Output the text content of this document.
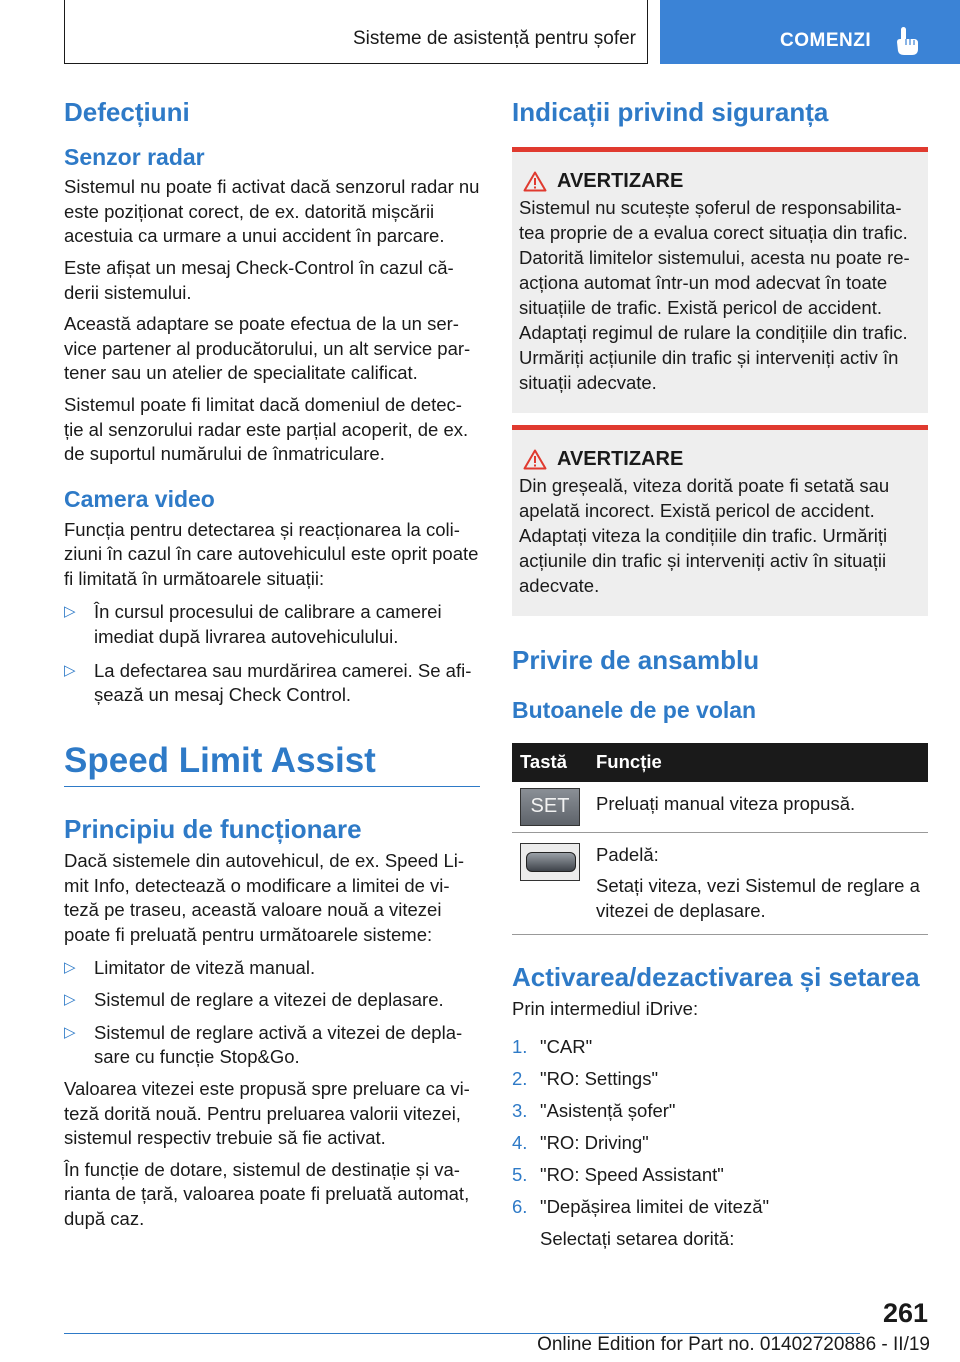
Sisteme de asistență pentru șofer	COMENZI
Defecțiuni
Senzor radar

Sistemul nu poate fi activat dacă senzorul radar nu este poziționat corect, de ex. datorită mișcării acestuia ca urmare a unui accident în parcare.

Este afișat un mesaj Check-Control în cazul că-derii sistemului.

Această adaptare se poate efectua de la un ser-vice partener al producătorului, un alt service par-tener sau un atelier de specialitate calificat.

Sistemul poate fi limitat dacă domeniul de detec-ție al senzorului radar este parțial acoperit, de ex. de suportul numărului de înmatriculare.

Camera video

Funcția pentru detectarea și reacționarea la coli-ziuni în cazul în care autovehiculul este oprit poate fi limitată în următoarele situații:

▷ În cursul procesului de calibrare a camerei imediat după livrarea autovehiculului.
▷ La defectarea sau murdărirea camerei. Se afi-șează un mesaj Check Control.
Speed Limit Assist
Principiu de funcționare

Dacă sistemele din autovehicul, de ex. Speed Li-mit Info, detectează o modificare a limitei de vi-teză pe traseu, această valoare nouă a vitezei poate fi preluată pentru următoarele sisteme:

▷ Limitator de viteză manual.
▷ Sistemul de reglare a vitezei de deplasare.
▷ Sistemul de reglare activă a vitezei de depla-sare cu funcție Stop&Go.

Valoarea vitezei este propusă spre preluare ca vi-teză dorită nouă. Pentru preluarea valorii vitezei, sistemul respectiv trebuie să fie activat.

În funcție de dotare, sistemul de destinație și va-rianta de țară, valoarea poate fi preluată automat, după caz.

Indicații privind siguranța
AVERTIZARE

Sistemul nu scutește șoferul de responsabilita-tea proprie de a evalua corect situația din trafic. Datorită limitelor sistemului, acesta nu poate re-acționa automat într-un mod adecvat în toate situațiile de trafic. Există pericol de accident. Adaptați regimul de rulare la condițiile din trafic. Urmăriți acțiunile din trafic și interveniți activ în situații adecvate.

AVERTIZARE

Din greșeală, viteza dorită poate fi setată sau apelată incorect. Există pericol de accident. Adaptați viteza la condițiile din trafic. Urmăriți acțiunile din trafic și interveniți activ în situații adecvate.

Privire de ansamblu
Butoanele de pe volan
Tastă	Funcție

SET	Preluați manual viteza propusă.

	Padelă:
Setați viteza, vezi Sistemul de reglare a vitezei de deplasare.
Activarea/dezactivarea și setarea

Prin intermediul iDrive:

1. "CAR"
2. "RO: Settings"
3. "Asistență șofer"
4. "RO: Driving"
5. "RO: Speed Assistant"
6. "Depășirea limitei de viteză"

Selectați setarea dorită:

261
Online Edition for Part no. 01402720886 - II/19
